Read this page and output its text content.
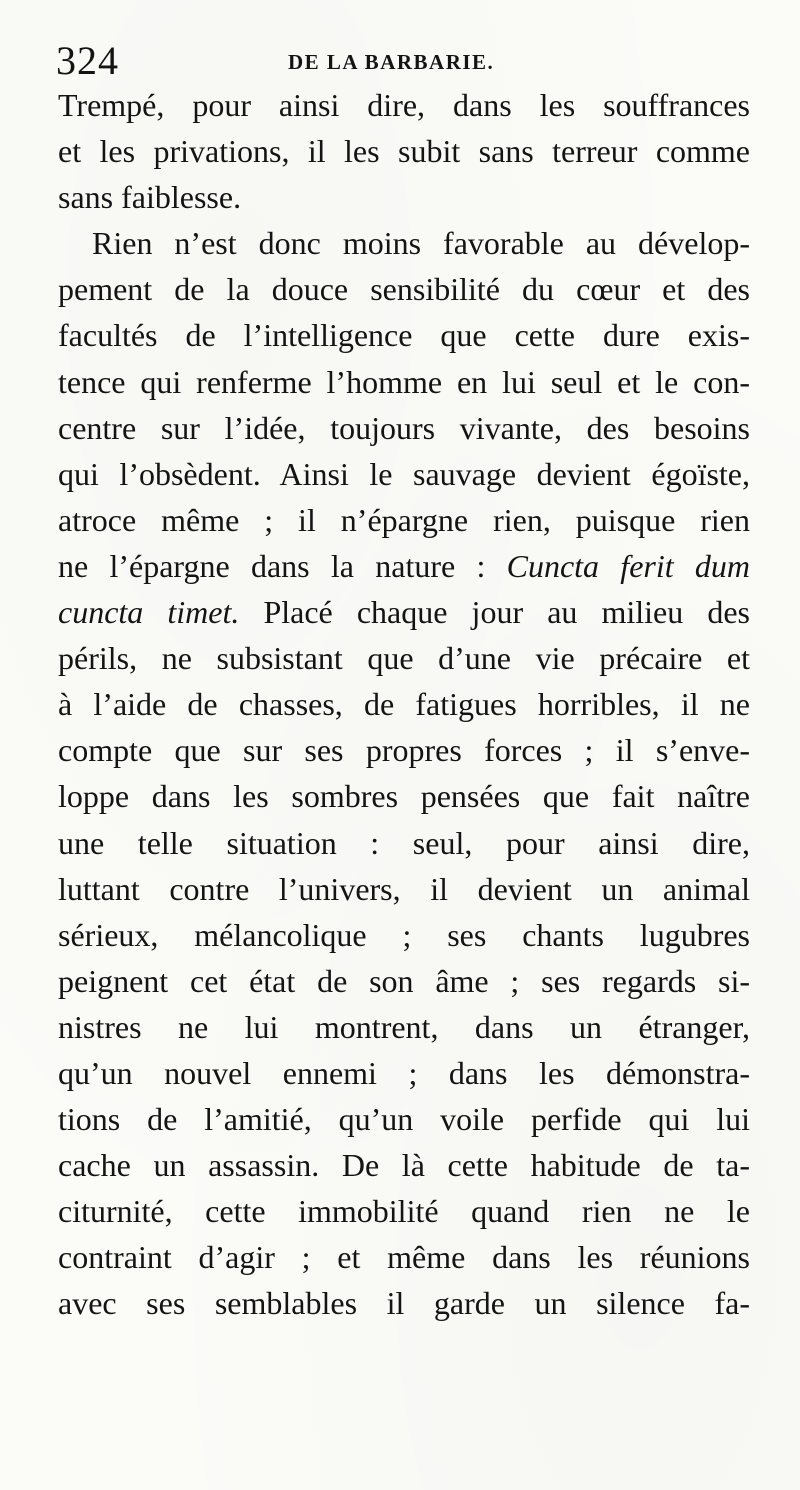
324	DE LA BARBARIE.
Trempé, pour ainsi dire, dans les souffrances
et les privations, il les subit sans terreur comme
sans faiblesse.
Rien n’est donc moins favorable au dévelop-
pement de la douce sensibilité du cœur et des
facultés de l’intelligence que cette dure exis-
tence qui renferme l’homme en lui seul et le con-
centre sur l’idée, toujours vivante, des besoins
qui l’obsèdent. Ainsi le sauvage devient égoïste,
atroce même ; il n’épargne rien, puisque rien
ne l’épargne dans la nature : Cuncta ferit dum
cuncta timet. Placé chaque jour au milieu des
périls, ne subsistant que d’une vie précaire et
à l’aide de chasses, de fatigues horribles, il ne
compte que sur ses propres forces ; il s’enve-
loppe dans les sombres pensées que fait naître
une telle situation : seul, pour ainsi dire,
luttant contre l’univers, il devient un animal
sérieux, mélancolique ; ses chants lugubres
peignent cet état de son âme ; ses regards si-
nistres ne lui montrent, dans un étranger,
qu’un nouvel ennemi ; dans les démonstra-
tions de l’amitié, qu’un voile perfide qui lui
cache un assassin. De là cette habitude de ta-
citurnité, cette immobilité quand rien ne le
contraint d’agir ; et même dans les réunions
avec ses semblables il garde un silence fa-
